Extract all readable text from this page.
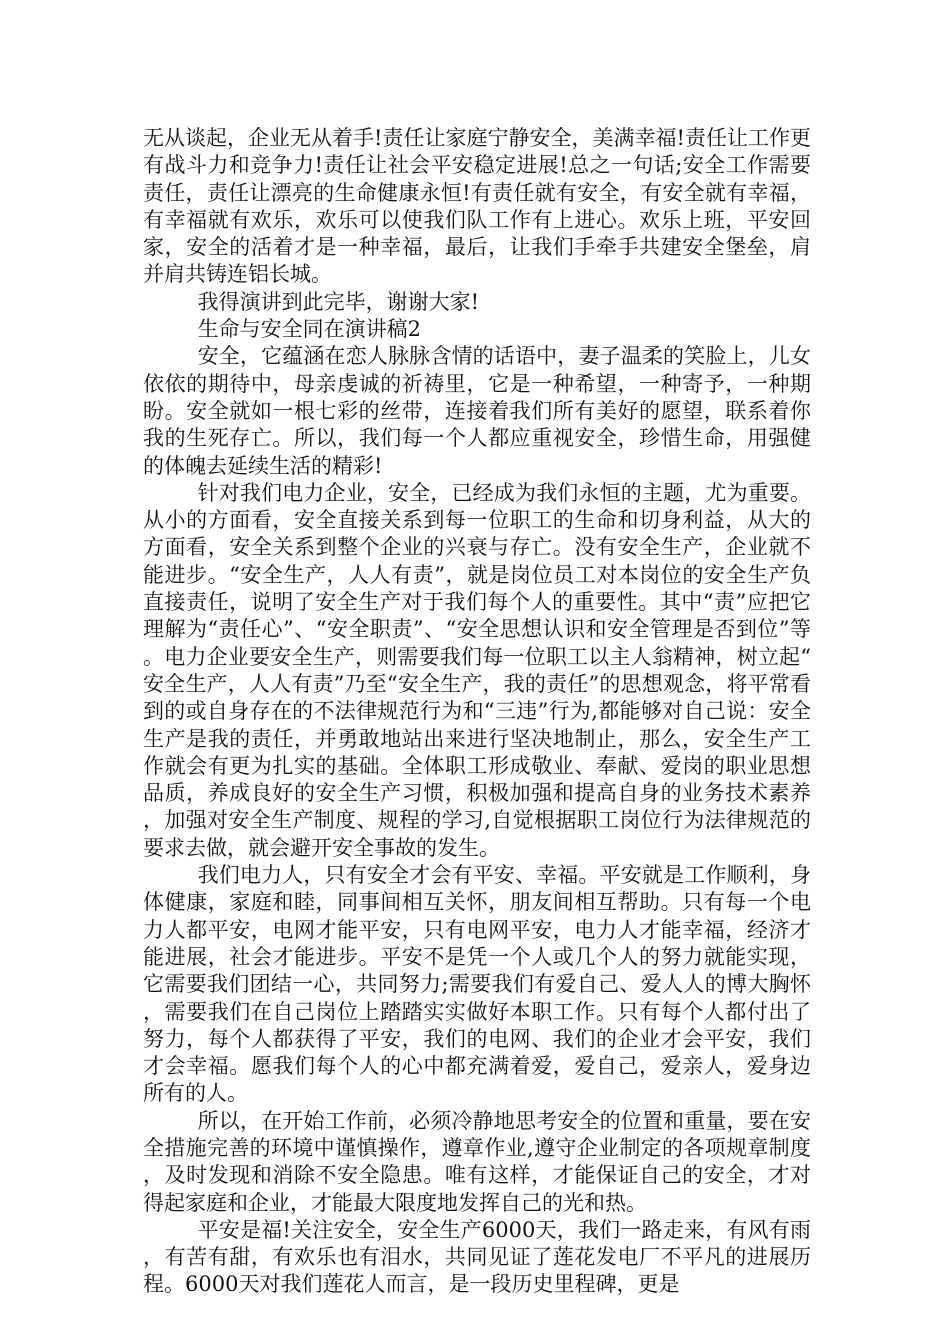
无从谈起，企业无从着手!责任让家庭宁静安全，美满幸福!责任让工作更有战斗力和竞争力!责任让社会平安稳定进展!总之一句话;安全工作需要责任，责任让漂亮的生命健康永恒!有责任就有安全，有安全就有幸福，有幸福就有欢乐，欢乐可以使我们队工作有上进心。欢乐上班，平安回家，安全的活着才是一种幸福，最后，让我们手牵手共建安全堡垒，肩并肩共铸连铝长城。

我得演讲到此完毕，谢谢大家!

生命与安全同在演讲稿2

安全，它蕴涵在恋人脉脉含情的话语中，妻子温柔的笑脸上，儿女依依的期待中，母亲虔诚的祈祷里，它是一种希望，一种寄予，一种期盼。安全就如一根七彩的丝带，连接着我们所有美好的愿望，联系着你我的生死存亡。所以，我们每一个人都应重视安全，珍惜生命，用强健的体魄去延续生活的精彩!

针对我们电力企业，安全，已经成为我们永恒的主题，尤为重要。从小的方面看，安全直接关系到每一位职工的生命和切身利益，从大的方面看，安全关系到整个企业的兴衰与存亡。没有安全生产，企业就不能进步。“安全生产，人人有责”，就是岗位员工对本岗位的安全生产负直接责任，说明了安全生产对于我们每个人的重要性。其中“责”应把它理解为“责任心”、“安全职责”、“安全思想认识和安全管理是否到位”等。电力企业要安全生产，则需要我们每一位职工以主人翁精神，树立起“安全生产，人人有责”乃至“安全生产，我的责任”的思想观念，将平常看到的或自身存在的不法律规范行为和“三违”行为,都能够对自己说：安全生产是我的责任，并勇敢地站出来进行坚决地制止，那么，安全生产工作就会有更为扎实的基础。全体职工形成敬业、奉献、爱岗的职业思想品质，养成良好的安全生产习惯，积极加强和提高自身的业务技术素养，加强对安全生产制度、规程的学习,自觉根据职工岗位行为法律规范的要求去做，就会避开安全事故的发生。

我们电力人，只有安全才会有平安、幸福。平安就是工作顺利，身体健康，家庭和睦，同事间相互关怀，朋友间相互帮助。只有每一个电力人都平安，电网才能平安，只有电网平安，电力人才能幸福，经济才能进展，社会才能进步。平安不是凭一个人或几个人的努力就能实现，它需要我们团结一心，共同努力;需要我们有爱自己、爱人人的博大胸怀，需要我们在自己岗位上踏踏实实做好本职工作。只有每个人都付出了努力，每个人都获得了平安，我们的电网、我们的企业才会平安，我们才会幸福。愿我们每个人的心中都充满着爱，爱自己，爱亲人，爱身边所有的人。

所以，在开始工作前，必须冷静地思考安全的位置和重量，要在安全措施完善的环境中谨慎操作，遵章作业,遵守企业制定的各项规章制度，及时发现和消除不安全隐患。唯有这样，才能保证自己的安全，才对得起家庭和企业，才能最大限度地发挥自己的光和热。

平安是福!关注安全，安全生产6000天，我们一路走来，有风有雨，有苦有甜，有欢乐也有泪水，共同见证了莲花发电厂不平凡的进展历程。6000天对我们莲花人而言，是一段历史里程碑，更是
